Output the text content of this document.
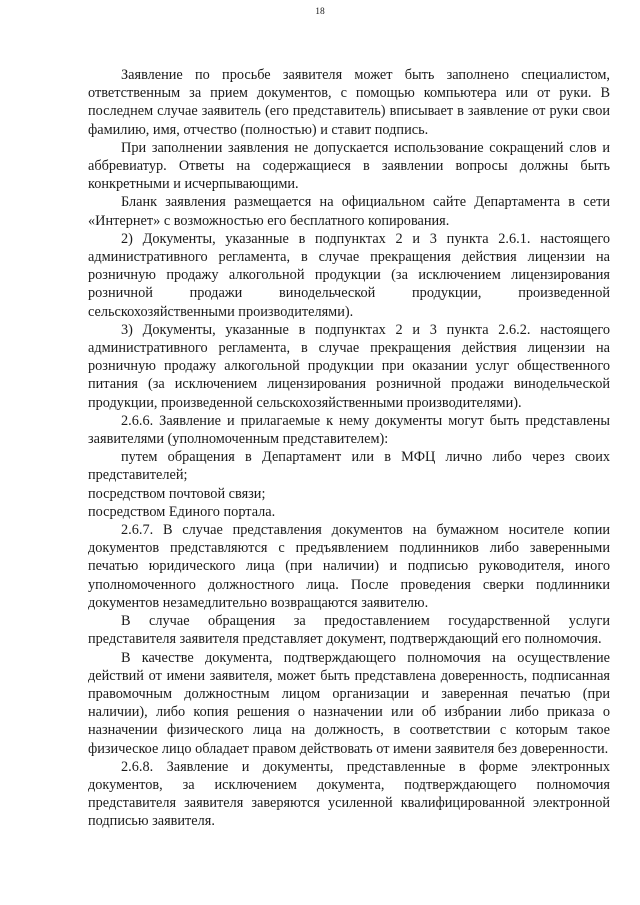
18

Заявление по просьбе заявителя может быть заполнено специалистом, ответственным за прием документов, с помощью компьютера или от руки. В последнем случае заявитель (его представитель) вписывает в заявление от руки свои фамилию, имя, отчество (полностью) и ставит подпись.

При заполнении заявления не допускается использование сокращений слов и аббревиатур. Ответы на содержащиеся в заявлении вопросы должны быть конкретными и исчерпывающими.

Бланк заявления размещается на официальном сайте Департамента в сети «Интернет» с возможностью его бесплатного копирования.

2) Документы, указанные в подпунктах 2 и 3 пункта 2.6.1. настоящего административного регламента, в случае прекращения действия лицензии на розничную продажу алкогольной продукции (за исключением лицензирования розничной продажи винодельческой продукции, произведенной сельскохозяйственными производителями).

3) Документы, указанные в подпунктах 2 и 3 пункта 2.6.2. настоящего административного регламента, в случае прекращения действия лицензии на розничную продажу алкогольной продукции при оказании услуг общественного питания (за исключением лицензирования розничной продажи винодельческой продукции, произведенной сельскохозяйственными производителями).

2.6.6. Заявление и прилагаемые к нему документы могут быть представлены заявителями (уполномоченным представителем):

путем обращения в Департамент или в МФЦ лично либо через своих представителей;

посредством почтовой связи;

посредством Единого портала.

2.6.7. В случае представления документов на бумажном носителе копии документов представляются с предъявлением подлинников либо заверенными печатью юридического лица (при наличии) и подписью руководителя, иного уполномоченного должностного лица. После проведения сверки подлинники документов незамедлительно возвращаются заявителю.

В случае обращения за предоставлением государственной услуги представителя заявителя представляет документ, подтверждающий его полномочия.

В качестве документа, подтверждающего полномочия на осуществление действий от имени заявителя, может быть представлена доверенность, подписанная правомочным должностным лицом организации и заверенная печатью (при наличии), либо копия решения о назначении или об избрании либо приказа о назначении физического лица на должность, в соответствии с которым такое физическое лицо обладает правом действовать от имени заявителя без доверенности.

2.6.8. Заявление и документы, представленные в форме электронных документов, за исключением документа, подтверждающего полномочия представителя заявителя заверяются усиленной квалифицированной электронной подписью заявителя.
